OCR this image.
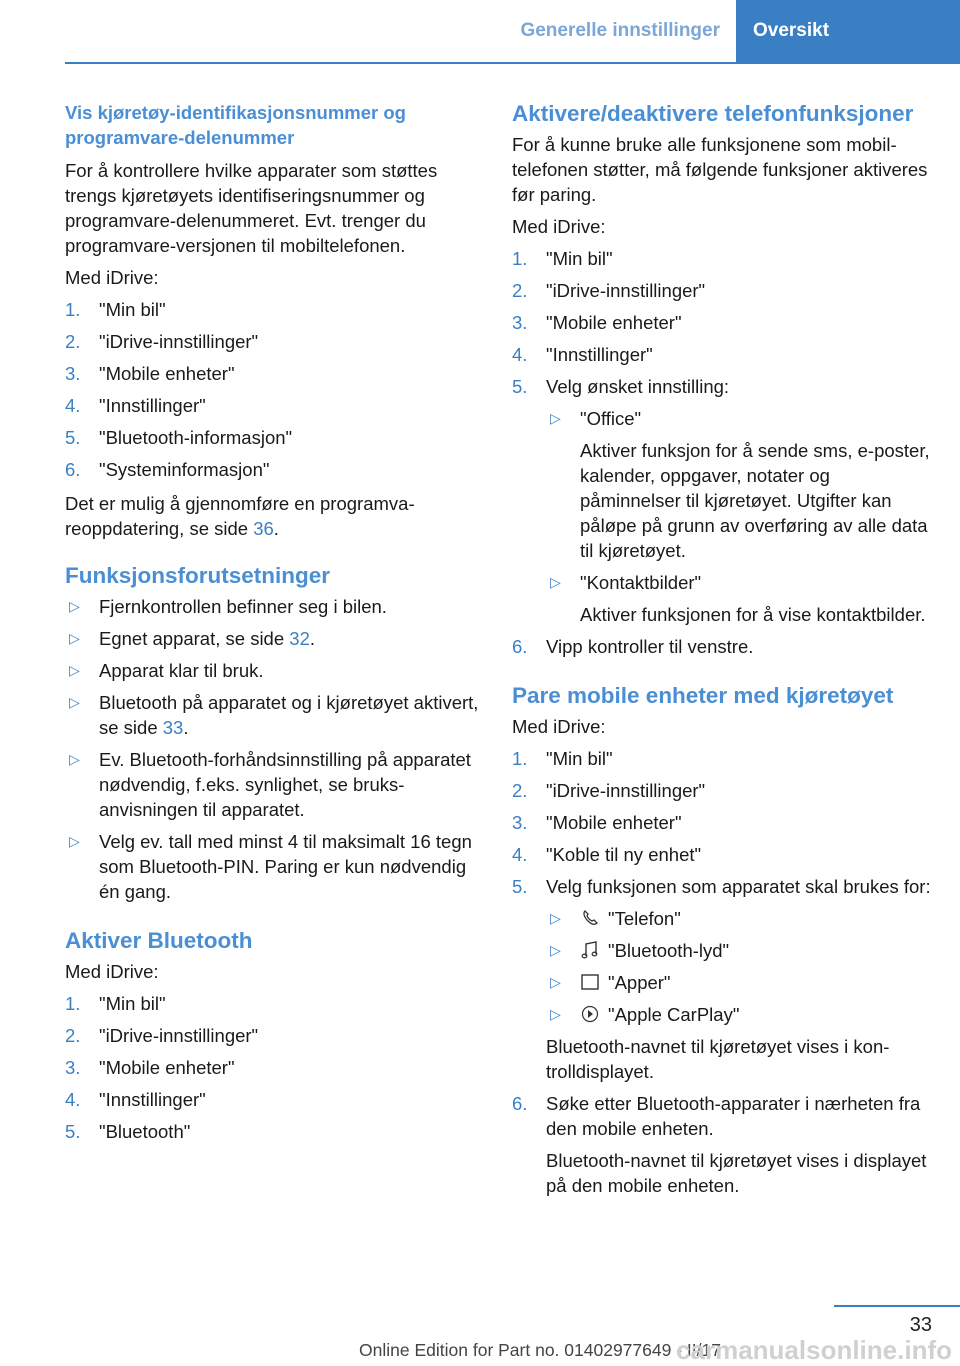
Generelle innstillinger	Oversikt
Vis kjøretøy-identifikasjonsnummer og programvare-delenummer
For å kontrollere hvilke apparater som støttes trengs kjøretøyets identifiseringsnummer og programvare-delenummeret. Evt. trenger du programvare-versjonen til mobiltelefonen.
Med iDrive:
1. "Min bil"
2. "iDrive-innstillinger"
3. "Mobile enheter"
4. "Innstillinger"
5. "Bluetooth-informasjon"
6. "Systeminformasjon"
Det er mulig å gjennomføre en programvareoppdatering, se side 36.
Funksjonsforutsetninger
▷ Fjernkontrollen befinner seg i bilen.
▷ Egnet apparat, se side 32.
▷ Apparat klar til bruk.
▷ Bluetooth på apparatet og i kjøretøyet aktivert, se side 33.
▷ Ev. Bluetooth-forhåndsinnstilling på apparatet nødvendig, f.eks. synlighet, se bruksanvisningen til apparatet.
▷ Velg ev. tall med minst 4 til maksimalt 16 tegn som Bluetooth-PIN. Paring er kun nødvendig én gang.
Aktiver Bluetooth
Med iDrive:
1. "Min bil"
2. "iDrive-innstillinger"
3. "Mobile enheter"
4. "Innstillinger"
5. "Bluetooth"
Aktivere/deaktivere telefonfunksjoner
For å kunne bruke alle funksjonene som mobiltelefonen støtter, må følgende funksjoner aktiveres før paring.
Med iDrive:
1. "Min bil"
2. "iDrive-innstillinger"
3. "Mobile enheter"
4. "Innstillinger"
5. Velg ønsket innstilling:
▷ "Office"
Aktiver funksjon for å sende sms, e-poster, kalender, oppgaver, notater og påminnelser til kjøretøyet. Utgifter kan påløpe på grunn av overføring av alle data til kjøretøyet.
▷ "Kontaktbilder"
Aktiver funksjonen for å vise kontaktbilder.
6. Vipp kontroller til venstre.
Pare mobile enheter med kjøretøyet
Med iDrive:
1. "Min bil"
2. "iDrive-innstillinger"
3. "Mobile enheter"
4. "Koble til ny enhet"
5. Velg funksjonen som apparatet skal brukes for:
▷	"Telefon"
▷	"Bluetooth-lyd"
▷	"Apper"
▷	"Apple CarPlay"
Bluetooth-navnet til kjøretøyet vises i kontrolldisplayet.
6. Søke etter Bluetooth-apparater i nærheten fra den mobile enheten.
Bluetooth-navnet til kjøretøyet vises i displayet på den mobile enheten.
33
Online Edition for Part no. 01402977649 - II/17
carmanualsonline.info
